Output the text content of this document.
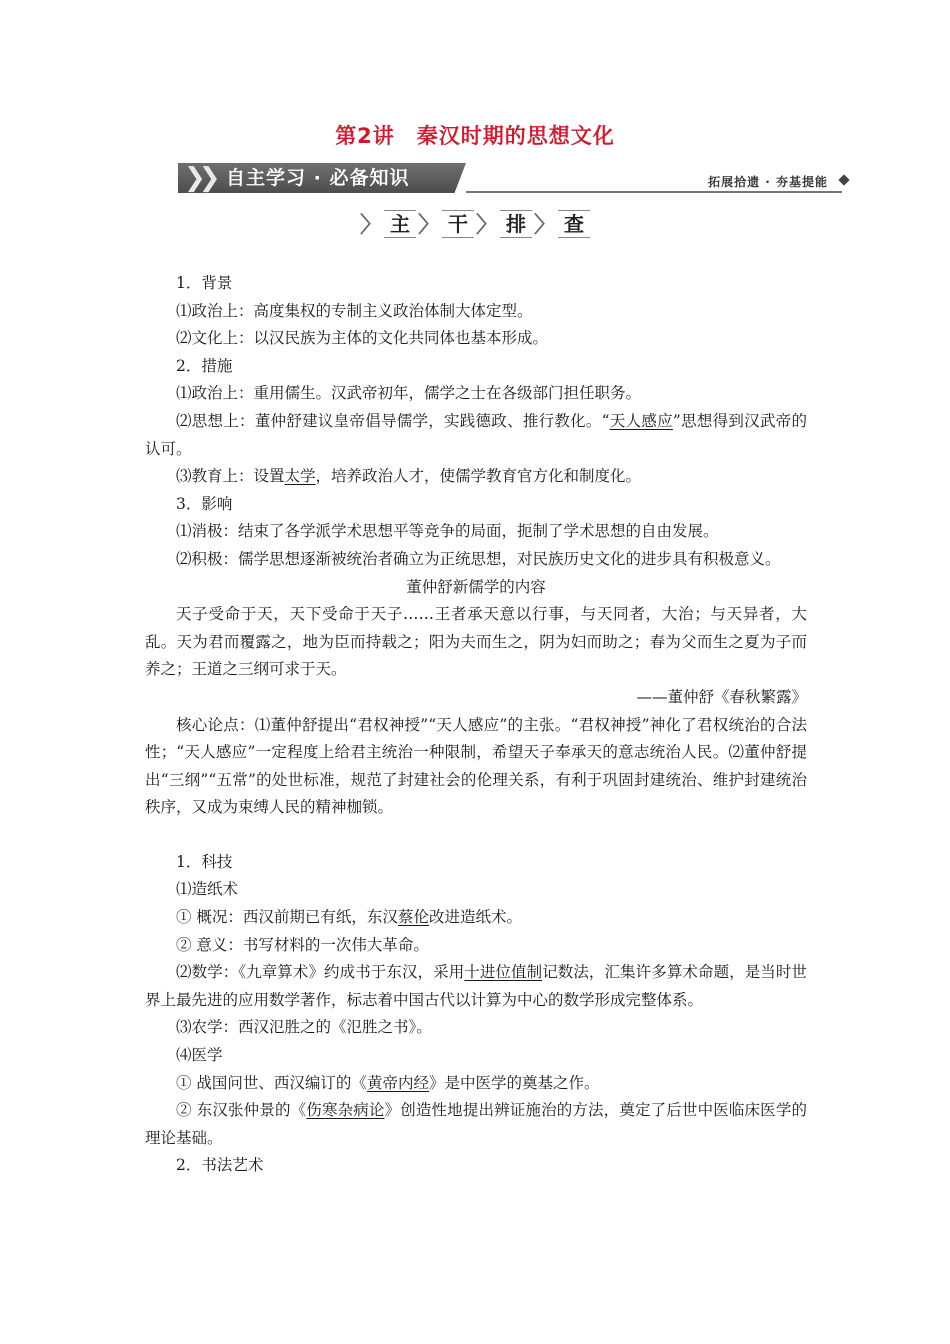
第2讲　秦汉时期的思想文化
❯❯ 自主学习 · 必备知识	拓展拾遗 · 夯基提能
〉 主 〉 干 〉 排 〉 查

1．背景

⑴政治上：高度集权的专制主义政治体制大体定型。

⑵文化上：以汉民族为主体的文化共同体也基本形成。

2．措施

⑴政治上：重用儒生。汉武帝初年，儒学之士在各级部门担任职务。

⑵思想上：董仲舒建议皇帝倡导儒学，实践德政、推行教化。“天人感应”思想得到汉武帝的认可。

⑶教育上：设置太学，培养政治人才，使儒学教育官方化和制度化。

3．影响

⑴消极：结束了各学派学术思想平等竞争的局面，扼制了学术思想的自由发展。

⑵积极：儒学思想逐渐被统治者确立为正统思想，对民族历史文化的进步具有积极意义。

董仲舒新儒学的内容

天子受命于天，天下受命于天子……王者承天意以行事，与天同者，大治；与天异者，大乱。天为君而覆露之，地为臣而持载之；阳为夫而生之，阴为妇而助之；春为父而生之夏为子而养之；王道之三纲可求于天。

——董仲舒《春秋繁露》

核心论点：⑴董仲舒提出“君权神授”“天人感应”的主张。“君权神授”神化了君权统治的合法性；“天人感应”一定程度上给君主统治一种限制，希望天子奉承天的意志统治人民。⑵董仲舒提出“三纲”“五常”的处世标准，规范了封建社会的伦理关系，有利于巩固封建统治、维护封建统治秩序，又成为束缚人民的精神枷锁。

1．科技

⑴造纸术

① 概况：西汉前期已有纸，东汉蔡伦改进造纸术。

② 意义：书写材料的一次伟大革命。

⑵数学：《九章算术》约成书于东汉，采用十进位值制记数法，汇集许多算术命题，是当时世界上最先进的应用数学著作，标志着中国古代以计算为中心的数学形成完整体系。

⑶农学：西汉氾胜之的《氾胜之书》。

⑷医学

① 战国问世、西汉编订的《黄帝内经》是中医学的奠基之作。

② 东汉张仲景的《伤寒杂病论》创造性地提出辨证施治的方法，奠定了后世中医临床医学的理论基础。

2．书法艺术
